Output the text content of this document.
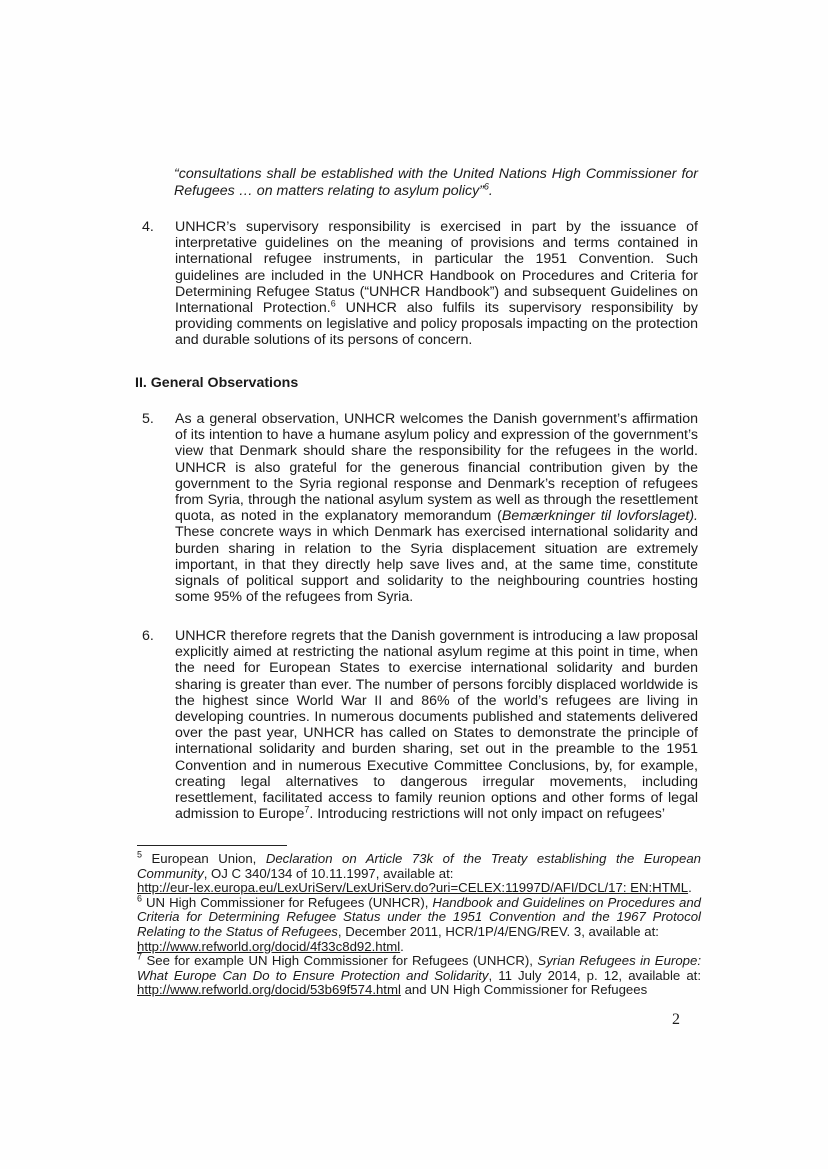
“consultations shall be established with the United Nations High Commissioner for Refugees … on matters relating to asylum policy”$^6$.

4.	UNHCR’s supervisory responsibility is exercised in part by the issuance of interpretative guidelines on the meaning of provisions and terms contained in international refugee instruments, in particular the 1951 Convention. Such guidelines are included in the UNHCR Handbook on Procedures and Criteria for Determining Refugee Status (“UNHCR Handbook”) and subsequent Guidelines on International Protection.$^6$ UNHCR also fulfils its supervisory responsibility by providing comments on legislative and policy proposals impacting on the protection and durable solutions of its persons of concern.

II. General Observations

5.	As a general observation, UNHCR welcomes the Danish government’s affirmation of its intention to have a humane asylum policy and expression of the government’s view that Denmark should share the responsibility for the refugees in the world. UNHCR is also grateful for the generous financial contribution given by the government to the Syria regional response and Denmark’s reception of refugees from Syria, through the national asylum system as well as through the resettlement quota, as noted in the explanatory memorandum (Bemærkninger til lovforslaget). These concrete ways in which Denmark has exercised international solidarity and burden sharing in relation to the Syria displacement situation are extremely important, in that they directly help save lives and, at the same time, constitute signals of political support and solidarity to the neighbouring countries hosting some 95% of the refugees from Syria.
6.	UNHCR therefore regrets that the Danish government is introducing a law proposal explicitly aimed at restricting the national asylum regime at this point in time, when the need for European States to exercise international solidarity and burden sharing is greater than ever. The number of persons forcibly displaced worldwide is the highest since World War II and 86% of the world’s refugees are living in developing countries. In numerous documents published and statements delivered over the past year, UNHCR has called on States to demonstrate the principle of international solidarity and burden sharing, set out in the preamble to the 1951 Convention and in numerous Executive Committee Conclusions, by, for example, creating legal alternatives to dangerous irregular movements, including resettlement, facilitated access to family reunion options and other forms of legal admission to Europe$^7$. Introducing restrictions will not only impact on refugees’

$^5$ European Union, Declaration on Article 73k of the Treaty establishing the European Community, OJ C 340/134 of 10.11.1997, available at:
http://eur-lex.europa.eu/LexUriServ/LexUriServ.do?uri=CELEX:11997D/AFI/DCL/17: EN:HTML.

$^6$ UN High Commissioner for Refugees (UNHCR), Handbook and Guidelines on Procedures and Criteria for Determining Refugee Status under the 1951 Convention and the 1967 Protocol Relating to the Status of Refugees, December 2011, HCR/1P/4/ENG/REV. 3, available at:
http://www.refworld.org/docid/4f33c8d92.html.

$^7$ See for example UN High Commissioner for Refugees (UNHCR), Syrian Refugees in Europe: What Europe Can Do to Ensure Protection and Solidarity, 11 July 2014, p. 12, available at: http://www.refworld.org/docid/53b69f574.html and UN High Commissioner for Refugees

2
